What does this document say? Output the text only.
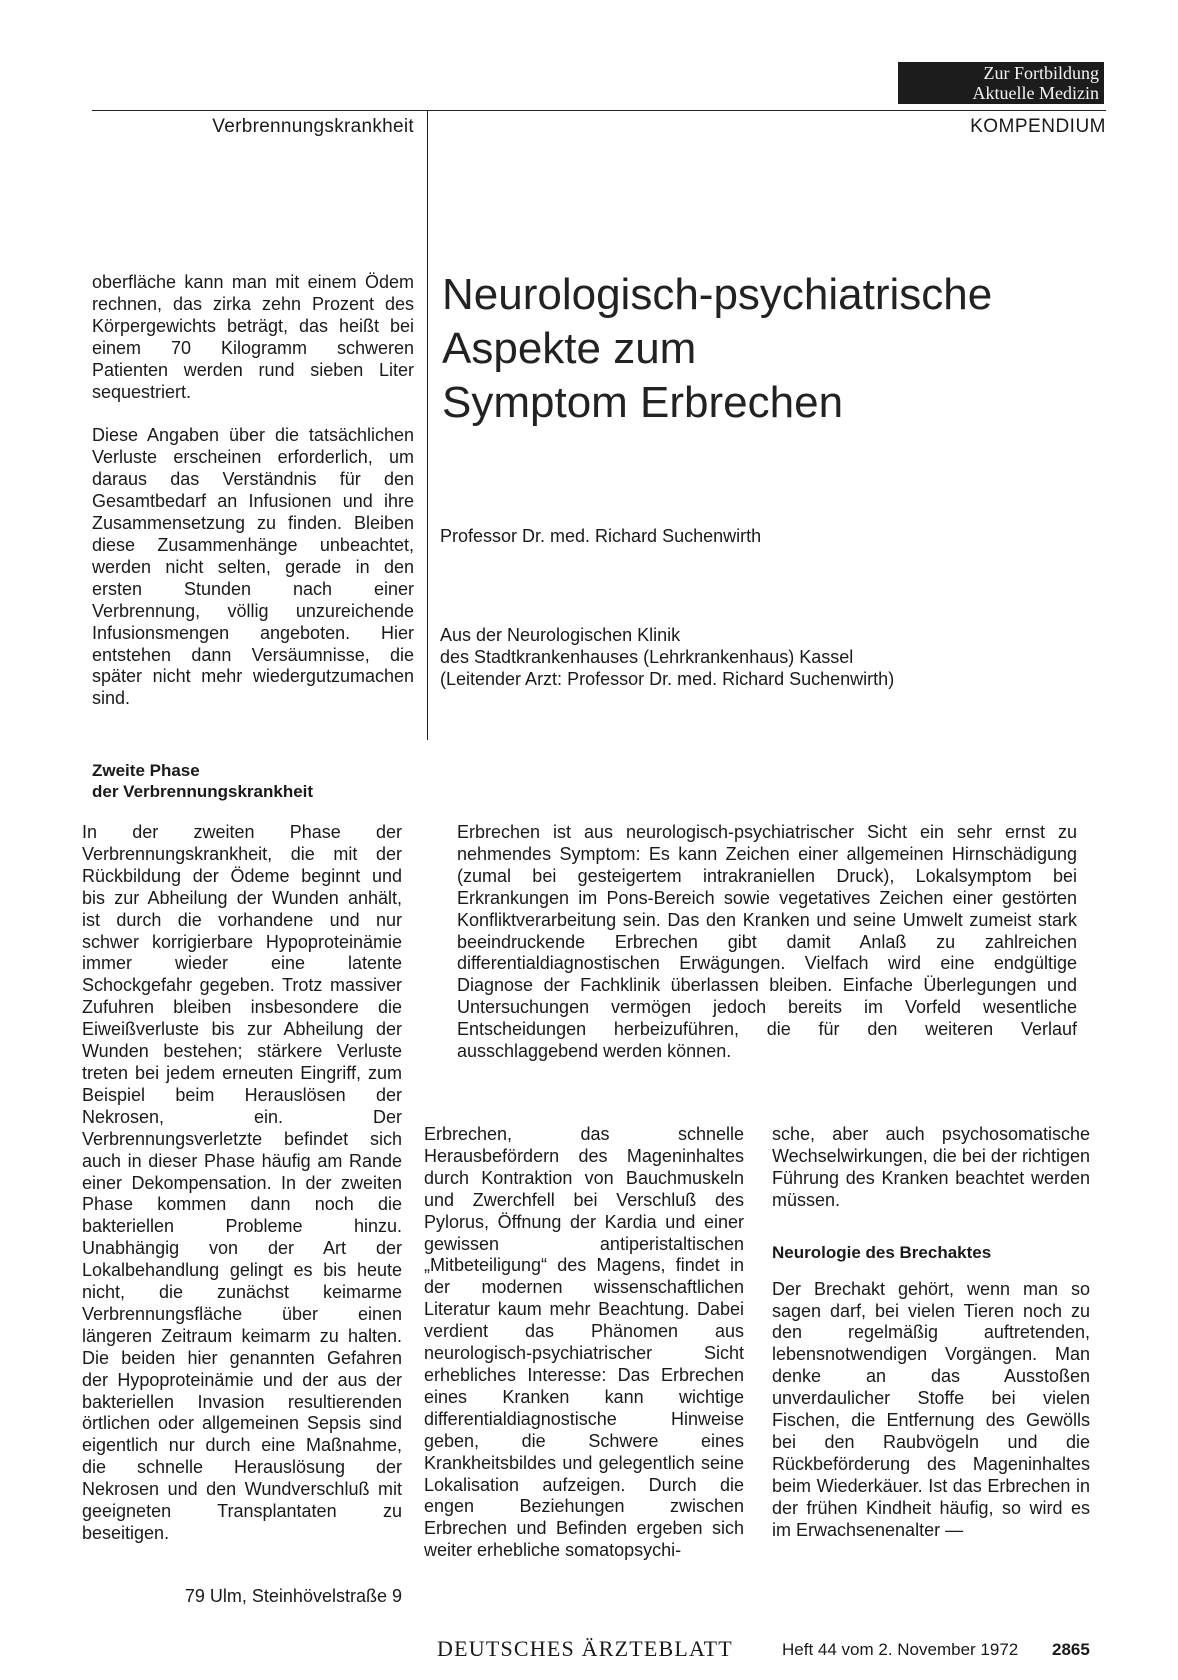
Zur Fortbildung
Aktuelle Medizin
Verbrennungskrankheit	KOMPENDIUM

oberfläche kann man mit einem Ödem rechnen, das zirka zehn Prozent des Körpergewichts beträgt, das heißt bei einem 70 Kilogramm schweren Patienten werden rund sieben Liter sequestriert.

Diese Angaben über die tatsächlichen Verluste erscheinen erforderlich, um daraus das Verständnis für den Gesamtbedarf an Infusionen und ihre Zusammensetzung zu finden. Bleiben diese Zusammenhänge unbeachtet, werden nicht selten, gerade in den ersten Stunden nach einer Verbrennung, völlig unzureichende Infusionsmengen angeboten. Hier entstehen dann Versäumnisse, die später nicht mehr wiedergutzumachen sind.

Zweite Phase
der Verbrennungskrankheit

In der zweiten Phase der Verbrennungskrankheit, die mit der Rückbildung der Ödeme beginnt und bis zur Abheilung der Wunden anhält, ist durch die vorhandene und nur schwer korrigierbare Hypoproteinämie immer wieder eine latente Schockgefahr gegeben. Trotz massiver Zufuhren bleiben insbesondere die Eiweißverluste bis zur Abheilung der Wunden bestehen; stärkere Verluste treten bei jedem erneuten Eingriff, zum Beispiel beim Herauslösen der Nekrosen, ein. Der Verbrennungsverletzte befindet sich auch in dieser Phase häufig am Rande einer Dekompensation. In der zweiten Phase kommen dann noch die bakteriellen Probleme hinzu. Unabhängig von der Art der Lokalbehandlung gelingt es bis heute nicht, die zunächst keimarme Verbrennungsfläche über einen längeren Zeitraum keimarm zu halten. Die beiden hier genannten Gefahren der Hypoproteinämie und der aus der bakteriellen Invasion resultierenden örtlichen oder allgemeinen Sepsis sind eigentlich nur durch eine Maßnahme, die schnelle Herauslösung der Nekrosen und den Wundverschluß mit geeigneten Transplantaten zu beseitigen.

79 Ulm, Steinhövelstraße 9
Neurologisch-psychiatrische
Aspekte zum
Symptom Erbrechen
Professor Dr. med. Richard Suchenwirth
Aus der Neurologischen Klinik
des Stadtkrankenhauses (Lehrkrankenhaus) Kassel
(Leitender Arzt: Professor Dr. med. Richard Suchenwirth)

Erbrechen ist aus neurologisch-psychiatrischer Sicht ein sehr ernst zu nehmendes Symptom: Es kann Zeichen einer allgemeinen Hirnschädigung (zumal bei gesteigertem intrakraniellen Druck), Lokalsymptom bei Erkrankungen im Pons-Bereich sowie vegetatives Zeichen einer gestörten Konfliktverarbeitung sein. Das den Kranken und seine Umwelt zumeist stark beeindruckende Erbrechen gibt damit Anlaß zu zahlreichen differentialdiagnostischen Erwägungen. Vielfach wird eine endgültige Diagnose der Fachklinik überlassen bleiben. Einfache Überlegungen und Untersuchungen vermögen jedoch bereits im Vorfeld wesentliche Entscheidungen herbeizuführen, die für den weiteren Verlauf ausschlaggebend werden können.

Erbrechen, das schnelle Herausbefördern des Mageninhaltes durch Kontraktion von Bauchmuskeln und Zwerchfell bei Verschluß des Pylorus, Öffnung der Kardia und einer gewissen antiperistaltischen „Mitbeteiligung“ des Magens, findet in der modernen wissenschaftlichen Literatur kaum mehr Beachtung. Dabei verdient das Phänomen aus neurologisch-psychiatrischer Sicht erhebliches Interesse: Das Erbrechen eines Kranken kann wichtige differentialdiagnostische Hinweise geben, die Schwere eines Krankheitsbildes und gelegentlich seine Lokalisation aufzeigen. Durch die engen Beziehungen zwischen Erbrechen und Befinden ergeben sich weiter erhebliche somatopsychi-

sche, aber auch psychosomatische Wechselwirkungen, die bei der richtigen Führung des Kranken beachtet werden müssen.

Neurologie des Brechaktes

Der Brechakt gehört, wenn man so sagen darf, bei vielen Tieren noch zu den regelmäßig auftretenden, lebensnotwendigen Vorgängen. Man denke an das Ausstoßen unverdaulicher Stoffe bei vielen Fischen, die Entfernung des Gewölls bei den Raubvögeln und die Rückbeförderung des Mageninhaltes beim Wiederkäuer. Ist das Erbrechen in der frühen Kindheit häufig, so wird es im Erwachsenenalter —

DEUTSCHES ÄRZTEBLATT	Heft 44 vom 2. November 1972 2865
